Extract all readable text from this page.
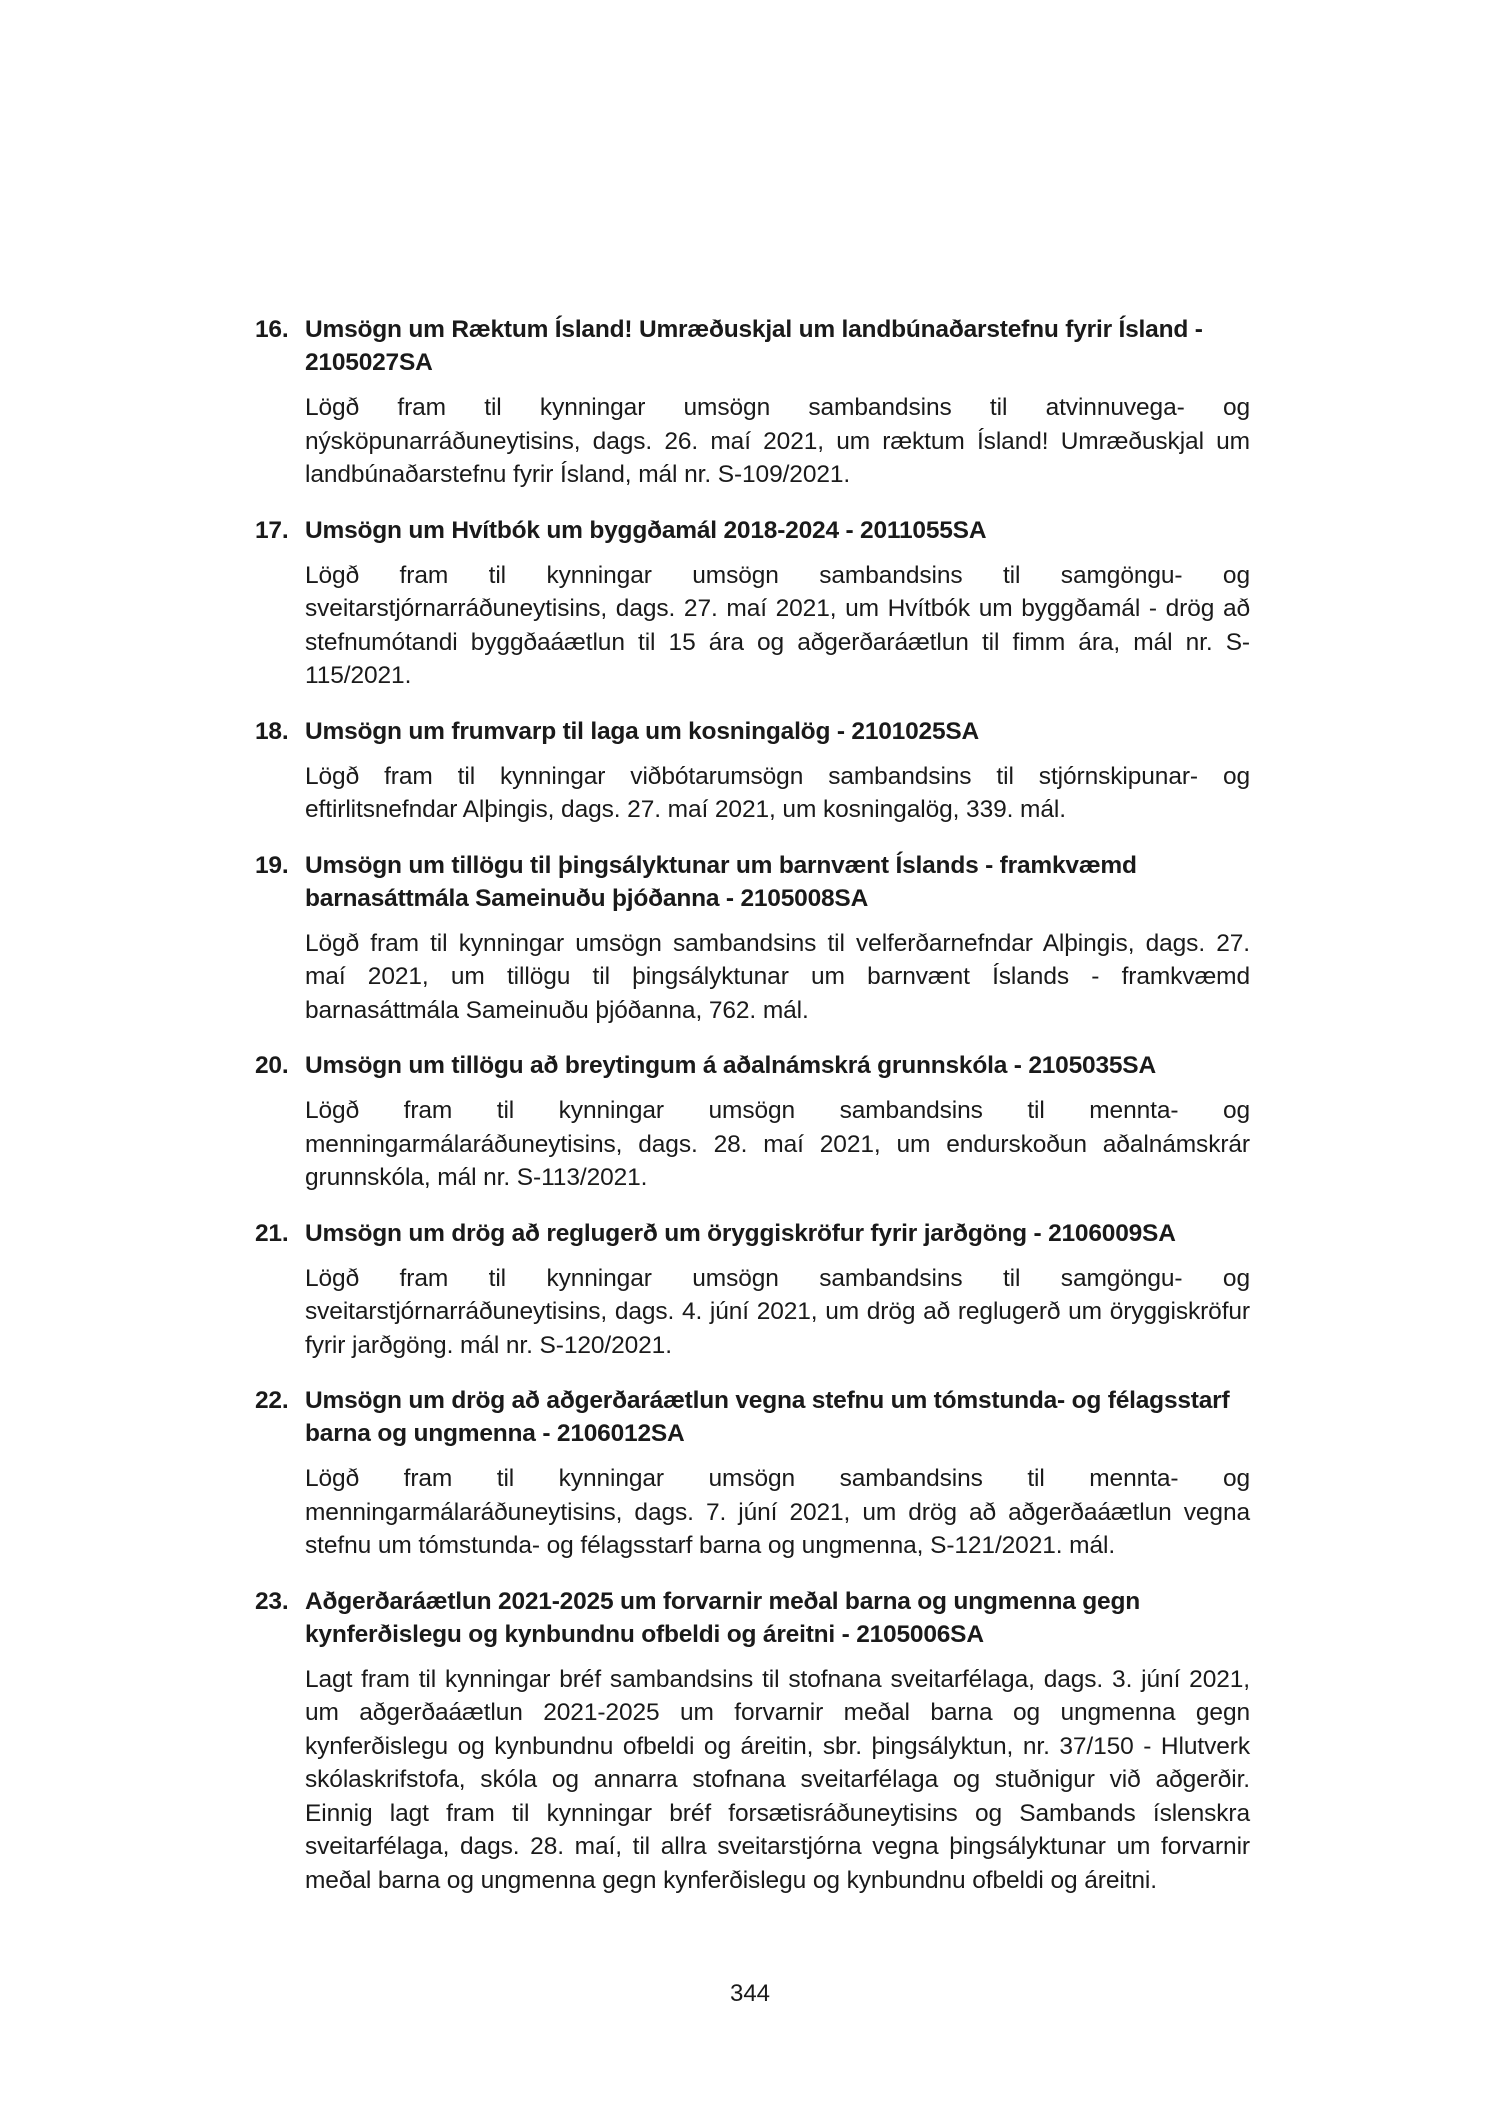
16. Umsögn um Ræktum Ísland! Umræðuskjal um landbúnaðarstefnu fyrir Ísland - 2105027SA
Lögð fram til kynningar umsögn sambandsins til atvinnuvega- og nýsköpunarráðuneytisins, dags. 26. maí 2021, um ræktum Ísland! Umræðuskjal um landbúnaðarstefnu fyrir Ísland, mál nr. S-109/2021.
17. Umsögn um Hvítbók um byggðamál 2018-2024 - 2011055SA
Lögð fram til kynningar umsögn sambandsins til samgöngu- og sveitarstjórnarráðuneytisins, dags. 27. maí 2021, um Hvítbók um byggðamál - drög að stefnumótandi byggðaáætlun til 15 ára og aðgerðaráætlun til fimm ára, mál nr. S-115/2021.
18. Umsögn um frumvarp til laga um kosningalög - 2101025SA
Lögð fram til kynningar viðbótarumsögn sambandsins til stjórnskipunar- og eftirlitsnefndar Alþingis, dags. 27. maí 2021, um kosningalög, 339. mál.
19. Umsögn um tillögu til þingsályktunar um barnvænt Íslands - framkvæmd barnasáttmála Sameinuðu þjóðanna - 2105008SA
Lögð fram til kynningar umsögn sambandsins til velferðarnefndar Alþingis, dags. 27. maí 2021, um tillögu til þingsályktunar um barnvænt Íslands - framkvæmd barnasáttmála Sameinuðu þjóðanna, 762. mál.
20. Umsögn um tillögu að breytingum á aðalnámskrá grunnskóla - 2105035SA
Lögð fram til kynningar umsögn sambandsins til mennta- og menningarmálaráðuneytisins, dags. 28. maí 2021, um endurskoðun aðalnámskrár grunnskóla, mál nr. S-113/2021.
21. Umsögn um drög að reglugerð um öryggiskröfur fyrir jarðgöng - 2106009SA
Lögð fram til kynningar umsögn sambandsins til samgöngu- og sveitarstjórnarráðuneytisins, dags. 4. júní 2021, um drög að reglugerð um öryggiskröfur fyrir jarðgöng. mál nr. S-120/2021.
22. Umsögn um drög að aðgerðaráætlun vegna stefnu um tómstunda- og félagsstarf barna og ungmenna - 2106012SA
Lögð fram til kynningar umsögn sambandsins til mennta- og menningarmálaráðuneytisins, dags. 7. júní 2021, um drög að aðgerðaáætlun vegna stefnu um tómstunda- og félagsstarf barna og ungmenna, S-121/2021. mál.
23. Aðgerðaráætlun 2021-2025 um forvarnir meðal barna og ungmenna gegn kynferðislegu og kynbundnu ofbeldi og áreitni - 2105006SA
Lagt fram til kynningar bréf sambandsins til stofnana sveitarfélaga, dags. 3. júní 2021, um aðgerðaáætlun 2021-2025 um forvarnir meðal barna og ungmenna gegn kynferðislegu og kynbundnu ofbeldi og áreitin, sbr. þingsályktun, nr. 37/150 - Hlutverk skólaskrifstofa, skóla og annarra stofnana sveitarfélaga og stuðnigur við aðgerðir. Einnig lagt fram til kynningar bréf forsætisráðuneytisins og Sambands íslenskra sveitarfélaga, dags. 28. maí, til allra sveitarstjórna vegna þingsályktunar um forvarnir meðal barna og ungmenna gegn kynferðislegu og kynbundnu ofbeldi og áreitni.
344
